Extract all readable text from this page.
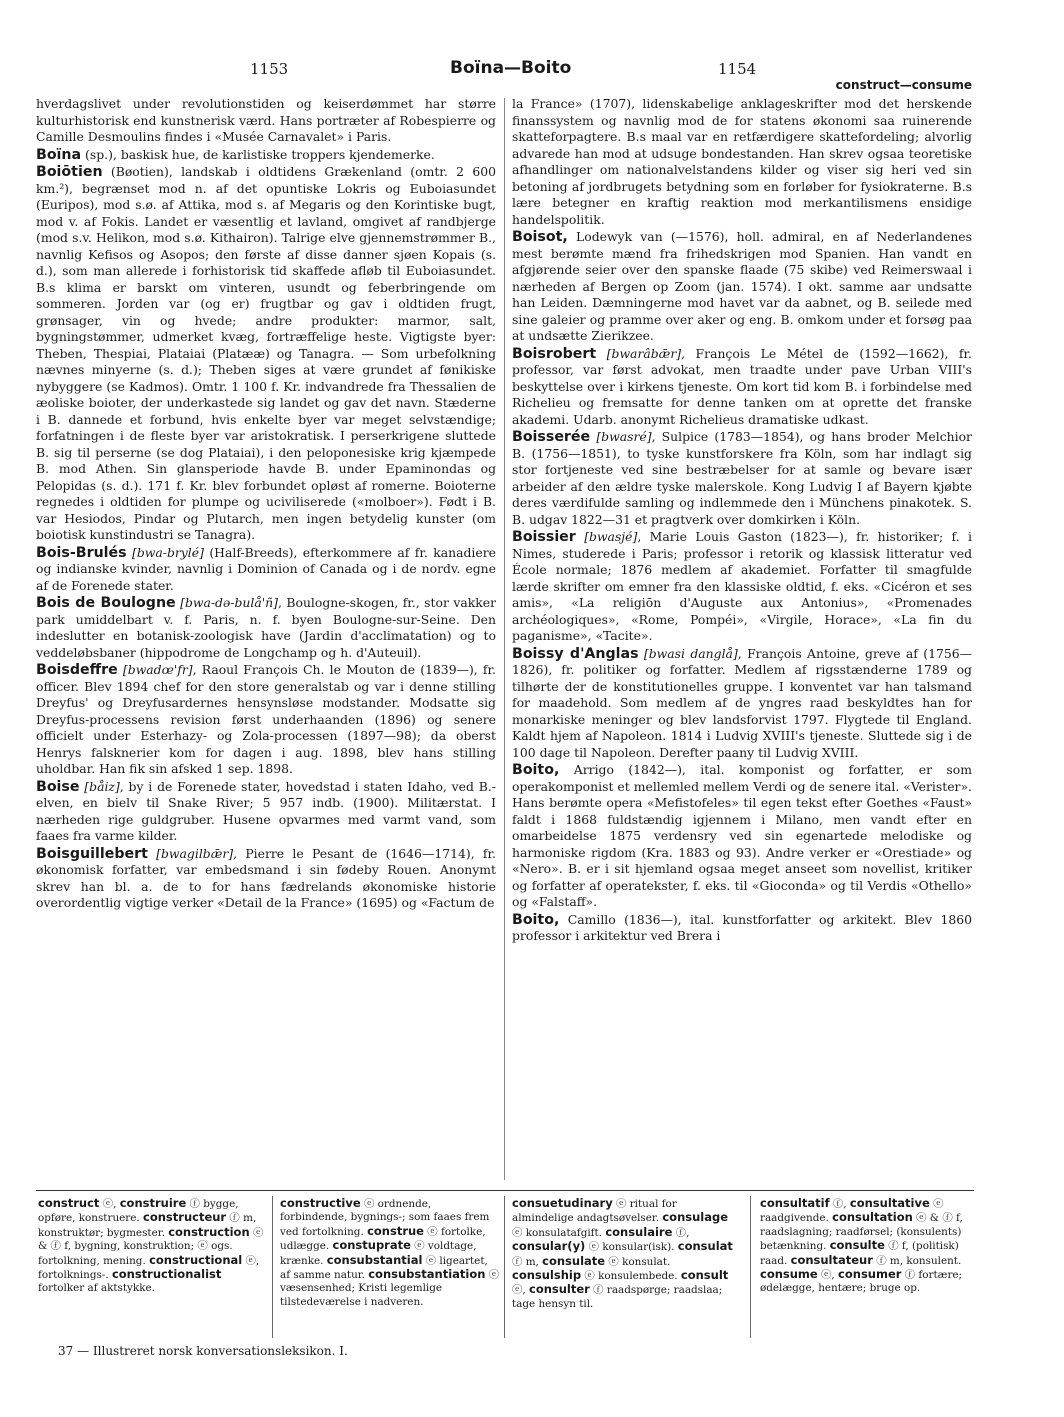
1153	Boïna—Boito	1154
construct—consume

hverdagslivet under revolutionstiden og keiserdømmet har større kulturhistorisk end kunstnerisk værd. Hans portræter af Robespierre og Camille Desmoulins findes i «Musée Carnavalet» i Paris.

Boïna (sp.), baskisk hue, de karlistiske troppers kjendemerke.

Boiōtien (Bøotien), landskab i oldtidens Grækenland (omtr. 2 600 km.²), begrænset mod n. af det opuntiske Lokris og Euboiasundet (Euripos), mod s.ø. af Attika, mod s. af Megaris og den Korintiske bugt, mod v. af Fokis. Landet er væsentlig et lavland, omgivet af randbjerge (mod s.v. Helikon, mod s.ø. Kithairon). Talrige elve gjennemstrømmer B., navnlig Kefisos og Asopos; den første af disse danner sjøen Kopais (s. d.), som man allerede i forhistorisk tid skaffede afløb til Euboiasundet. B.s klima er barskt om vinteren, usundt og feberbringende om sommeren. Jorden var (og er) frugtbar og gav i oldtiden frugt, grønsager, vin og hvede; andre produkter: marmor, salt, bygningstømmer, udmerket kvæg, fortræffelige heste. Vigtigste byer: Theben, Thespiai, Plataiai (Platææ) og Tanagra. — Som urbefolkning nævnes minyerne (s. d.); Theben siges at være grundet af fønikiske nybyggere (se Kadmos). Omtr. 1 100 f. Kr. indvandrede fra Thessalien de æoliske boioter, der underkastede sig landet og gav det navn. Stæderne i B. dannede et forbund, hvis enkelte byer var meget selvstændige; forfatningen i de fleste byer var aristokratisk. I perserkrigene sluttede B. sig til perserne (se dog Plataiai), i den peloponesiske krig kjæmpede B. mod Athen. Sin glansperiode havde B. under Epaminondas og Pelopidas (s. d.). 171 f. Kr. blev forbundet opløst af romerne. Boioterne regnedes i oldtiden for plumpe og uciviliserede («molboer»). Født i B. var Hesiodos, Pindar og Plutarch, men ingen betydelig kunster (om boiotisk kunstindustri se Tanagra).

Bois-Brulés [bwa-brylé] (Half-Breeds), efterkommere af fr. kanadiere og indianske kvinder, navnlig i Dominion of Canada og i de nordv. egne af de Forenede stater.

Bois de Boulogne [bwa-də-bulå'ñ], Boulogne-skogen, fr., stor vakker park umiddelbart v. f. Paris, n. f. byen Boulogne-sur-Seine. Den indeslutter en botanisk-zoologisk have (Jardin d'acclimatation) og to veddeløbsbaner (hippodrome de Longchamp og h. d'Auteuil).

Boisdeffre [bwadœ'fr], Raoul François Ch. le Mouton de (1839—), fr. officer. Blev 1894 chef for den store generalstab og var i denne stilling Dreyfus' og Dreyfusardernes hensynsløse modstander. Modsatte sig Dreyfus-processens revision først underhaanden (1896) og senere officielt under Esterhazy- og Zola-processen (1897—98); da oberst Henrys falsknerier kom for dagen i aug. 1898, blev hans stilling uholdbar. Han fik sin afsked 1 sep. 1898.

Boise [båiz], by i de Forenede stater, hovedstad i staten Idaho, ved B.-elven, en bielv til Snake River; 5 957 indb. (1900). Militærstat. I nærheden rige guldgruber. Husene opvarmes med varmt vand, som faaes fra varme kilder.

Boisguillebert [bwagilbǣr], Pierre le Pesant de (1646—1714), fr. økonomisk forfatter, var embedsmand i sin fødeby Rouen. Anonymt skrev han bl. a. de to for hans fædrelands økonomiske historie overordentlig vigtige verker «Detail de la France» (1695) og «Factum de

la France» (1707), lidenskabelige anklageskrifter mod det herskende finanssystem og navnlig mod de for statens økonomi saa ruinerende skatteforpagtere. B.s maal var en retfærdigere skattefordeling; alvorlig advarede han mod at udsuge bondestanden. Han skrev ogsaa teoretiske afhandlinger om nationalvelstandens kilder og viser sig heri ved sin betoning af jordbrugets betydning som en forløber for fysiokraterne. B.s lære betegner en kraftig reaktion mod merkantilismens ensidige handelspolitik.

Boisot, Lodewyk van (—1576), holl. admiral, en af Nederlandenes mest berømte mænd fra frihedskrigen mod Spanien. Han vandt en afgjørende seier over den spanske flaade (75 skibe) ved Reimerswaal i nærheden af Bergen op Zoom (jan. 1574). I okt. samme aar undsatte han Leiden. Dæmningerne mod havet var da aabnet, og B. seilede med sine galeier og pramme over aker og eng. B. omkom under et forsøg paa at undsætte Zierikzee.

Boisrobert [bwarâbǣr], François Le Métel de (1592—1662), fr. professor, var først advokat, men traadte under pave Urban VIII's beskyttelse over i kirkens tjeneste. Om kort tid kom B. i forbindelse med Richelieu og fremsatte for denne tanken om at oprette det franske akademi. Udarb. anonymt Richelieus dramatiske udkast.

Boisserée [bwasré], Sulpice (1783—1854), og hans broder Melchior B. (1756—1851), to tyske kunstforskere fra Köln, som har indlagt sig stor fortjeneste ved sine bestræbelser for at samle og bevare især arbeider af den ældre tyske malerskole. Kong Ludvig I af Bayern kjøbte deres værdifulde samling og indlemmede den i Münchens pinakotek. S. B. udgav 1822—31 et pragtverk over domkirken i Köln.

Boissier [bwasjé], Marie Louis Gaston (1823—), fr. historiker; f. i Nimes, studerede i Paris; professor i retorik og klassisk litteratur ved École normale; 1876 medlem af akademiet. Forfatter til smagfulde lærde skrifter om emner fra den klassiske oldtid, f. eks. «Cicéron et ses amis», «La religiōn d'Auguste aux Antonius», «Promenades archéologiques», «Rome, Pompéi», «Virgile, Horace», «La fin du paganisme», «Tacite».

Boissy d'Anglas [bwasi danglå], François Antoine, greve af (1756—1826), fr. politiker og forfatter. Medlem af rigsstænderne 1789 og tilhørte der de konstitutionelles gruppe. I konventet var han talsmand for maadehold. Som medlem af de yngres raad beskyldtes han for monarkiske meninger og blev landsforvist 1797. Flygtede til England. Kaldt hjem af Napoleon. 1814 i Ludvig XVIII's tjeneste. Sluttede sig i de 100 dage til Napoleon. Derefter paany til Ludvig XVIII.

Boito, Arrigo (1842—), ital. komponist og forfatter, er som operakomponist et mellemled mellem Verdi og de senere ital. «Verister». Hans berømte opera «Mefistofeles» til egen tekst efter Goethes «Faust» faldt i 1868 fuldstændig igjennem i Milano, men vandt efter en omarbeidelse 1875 verdensry ved sin egenartede melodiske og harmoniske rigdom (Kra. 1883 og 93). Andre verker er «Orestiade» og «Nero». B. er i sit hjemland ogsaa meget anseet som novellist, kritiker og forfatter af operatekster, f. eks. til «Gioconda» og til Verdis «Othello» og «Falstaff».

Boito, Camillo (1836—), ital. kunstforfatter og arkitekt. Blev 1860 professor i arkitektur ved Brera i

construct ⓔ, construire ⓕ bygge, opføre, konstruere. constructeur ⓕ m, konstruktør; bygmester. construction ⓔ & ⓕ f, bygning, konstruktion; ⓔ ogs. fortolkning, mening. constructional ⓔ, fortolknings-. constructionalist fortolker af aktstykke.

constructive ⓔ ordnende, forbindende, bygnings-; som faaes frem ved fortolkning. construe ⓔ fortolke, udlægge. constuprate ⓔ voldtage, krænke. consubstantial ⓔ ligeartet, af samme natur. consubstantiation ⓔ væsensenhed; Kristi legemlige tilstedeværelse i nadveren.

consuetudinary ⓔ ritual for almindelige andagtsøvelser. consulage ⓔ konsulatafgift. consulaire ⓕ, consular(y) ⓔ konsular(isk). consulat ⓕ m, consulate ⓔ konsulat. consulship ⓔ konsulembede. consult ⓔ, consulter ⓕ raadspørge; raadslaa; tage hensyn til.

consultatif ⓕ, consultative ⓔ raadgivende. consultation ⓔ & ⓕ f, raadslagning; raadførsel; (konsulents) betænkning. consulte ⓕ f, (politisk) raad. consultateur ⓕ m, konsulent. consume ⓔ, consumer ⓕ fortære; ødelægge, hentære; bruge op.

37 — Illustreret norsk konversationsleksikon. I.
